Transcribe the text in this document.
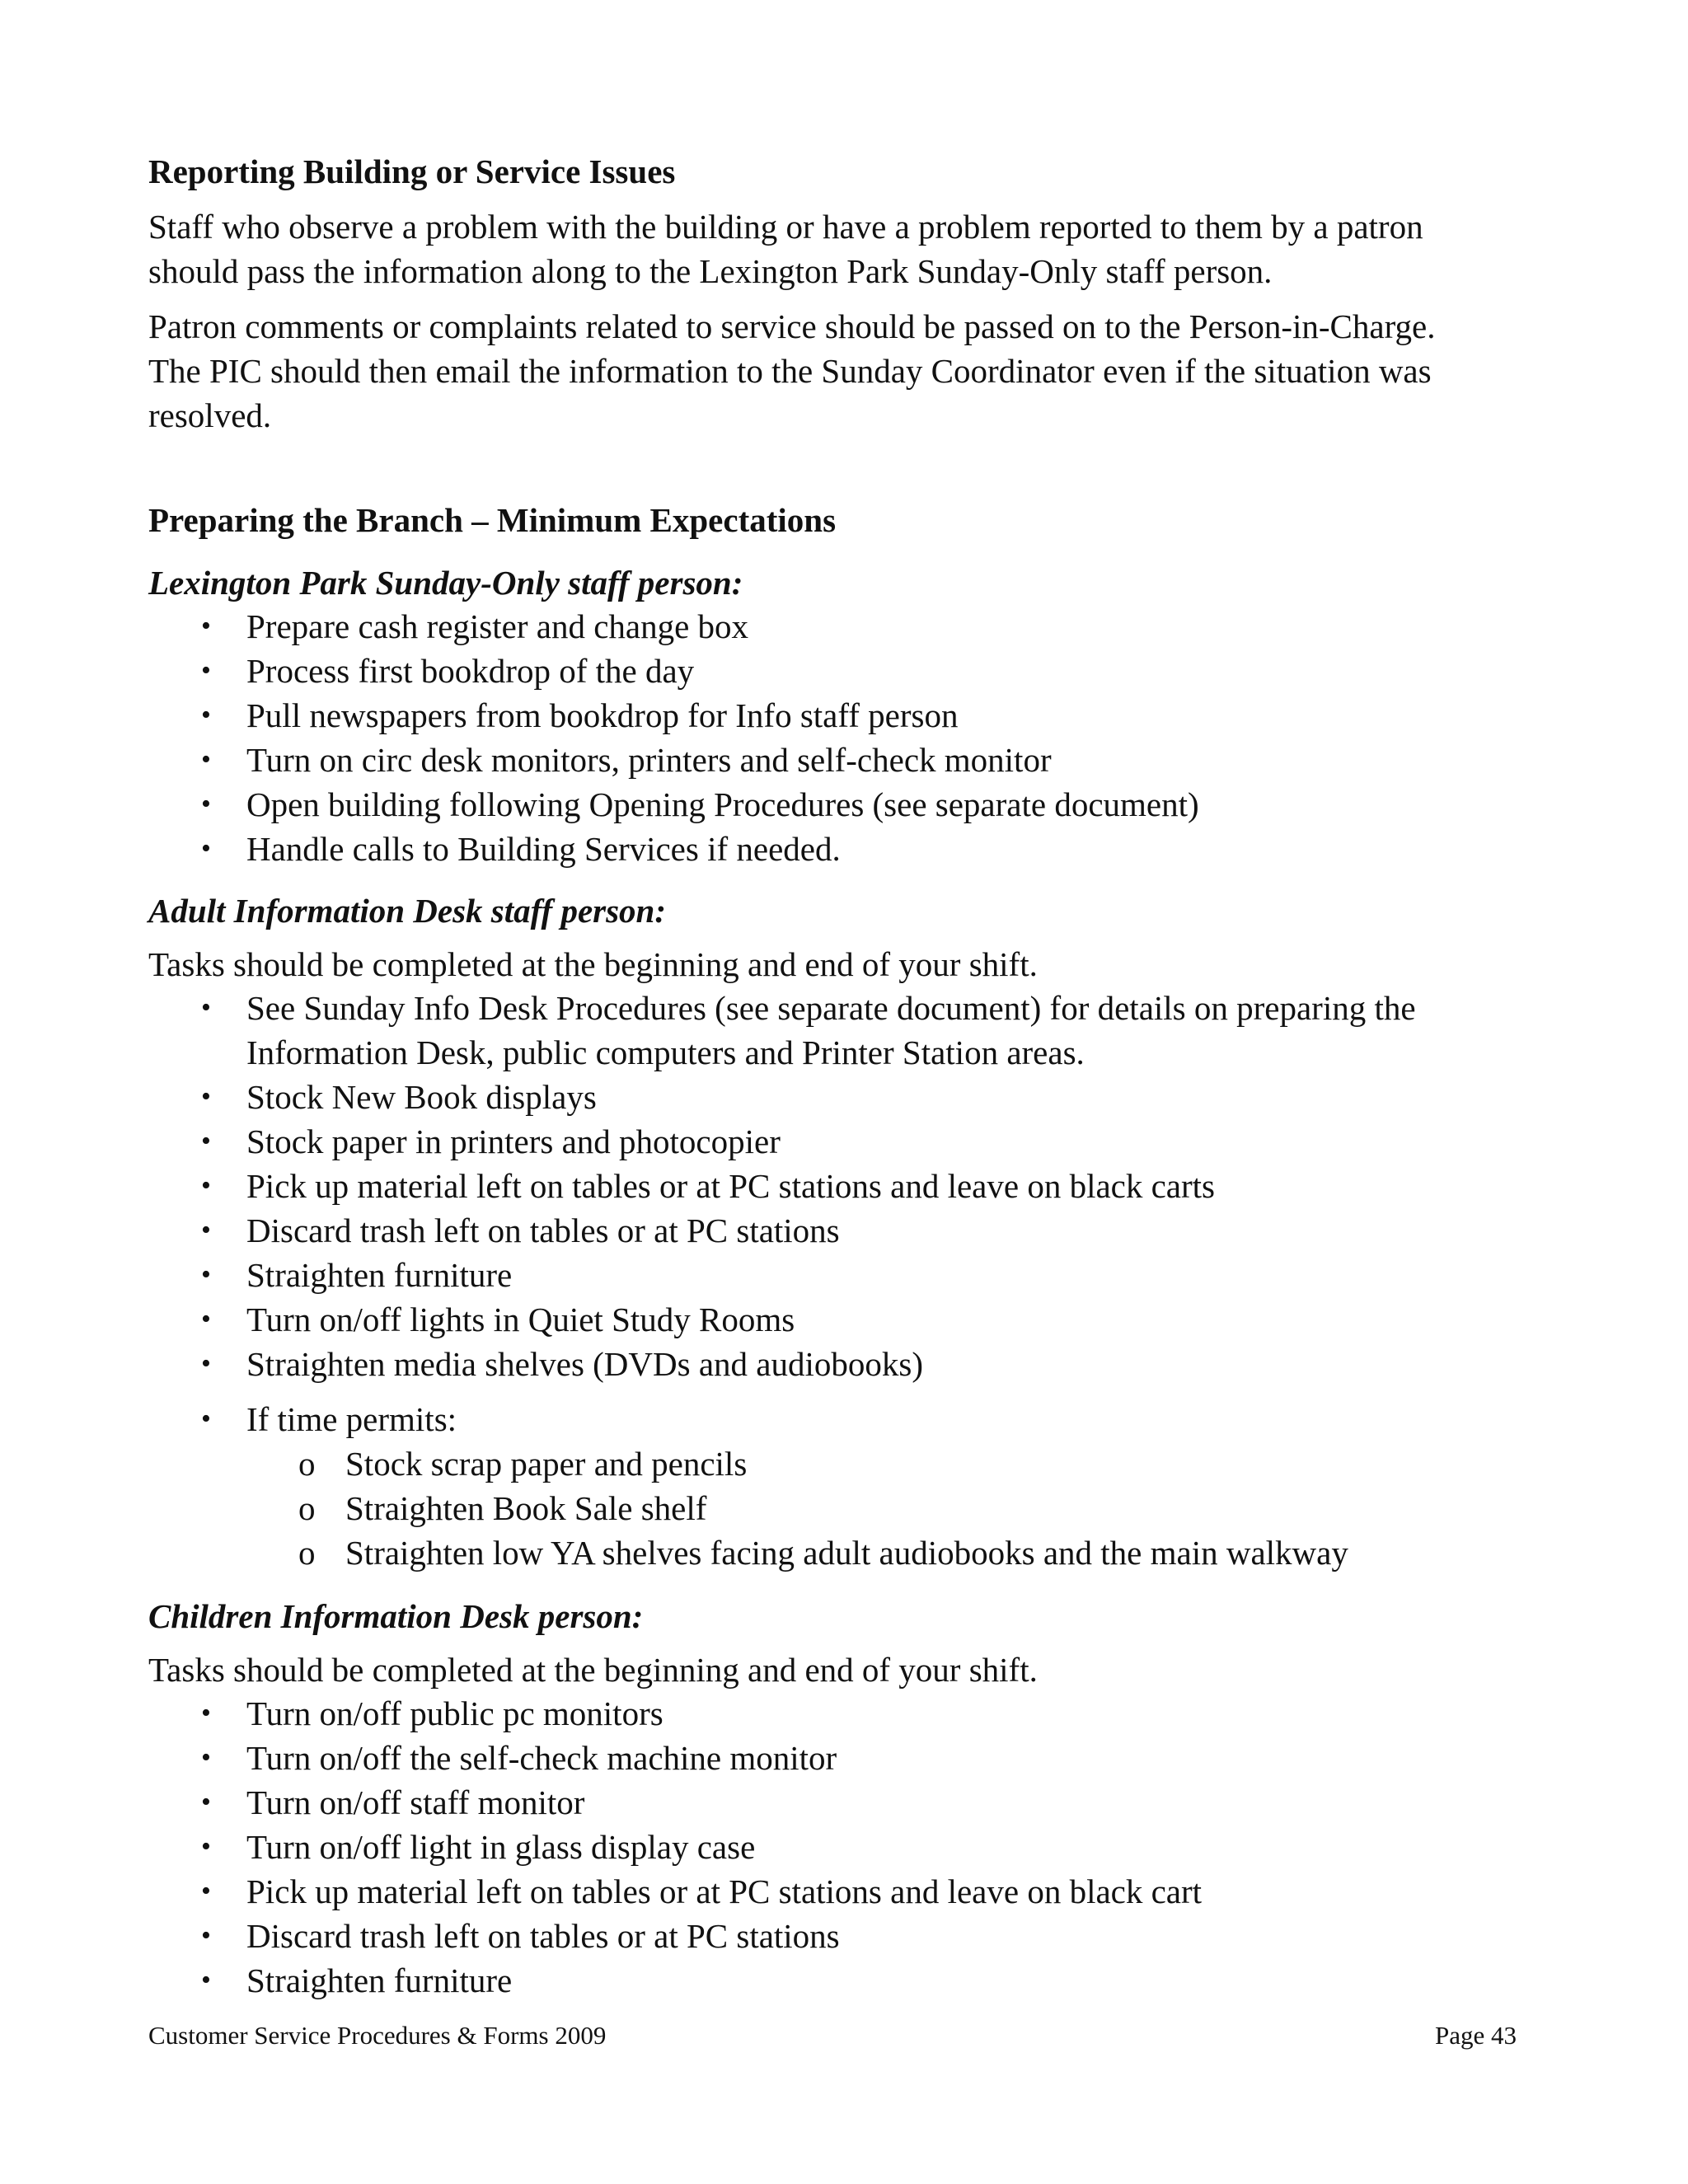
Reporting Building or Service Issues

Staff who observe a problem with the building or have a problem reported to them by a patron

should pass the information along to the Lexington Park Sunday-Only staff person.

Patron comments or complaints related to service should be passed on to the Person-in-Charge.

The PIC should then email the information to the Sunday Coordinator even if the situation was

resolved.

Preparing the Branch – Minimum Expectations
Lexington Park Sunday-Only staff person:
• Prepare cash register and change box
• Process first bookdrop of the day
• Pull newspapers from bookdrop for Info staff person
• Turn on circ desk monitors, printers and self-check monitor
• Open building following Opening Procedures (see separate document)
• Handle calls to Building Services if needed.
Adult Information Desk staff person:
Tasks should be completed at the beginning and end of your shift.
• See Sunday Info Desk Procedures (see separate document) for details on preparing the
Information Desk, public computers and Printer Station areas.
• Stock New Book displays
• Stock paper in printers and photocopier
• Pick up material left on tables or at PC stations and leave on black carts
• Discard trash left on tables or at PC stations
• Straighten furniture
• Turn on/off lights in Quiet Study Rooms
• Straighten media shelves (DVDs and audiobooks)
• If time permits:
o Stock scrap paper and pencils
o Straighten Book Sale shelf
o Straighten low YA shelves facing adult audiobooks and the main walkway
Children Information Desk person:
Tasks should be completed at the beginning and end of your shift.
• Turn on/off public pc monitors
• Turn on/off the self-check machine monitor
• Turn on/off staff monitor
• Turn on/off light in glass display case
• Pick up material left on tables or at PC stations and leave on black cart
• Discard trash left on tables or at PC stations
• Straighten furniture
Customer Service Procedures & Forms 2009	Page 43
